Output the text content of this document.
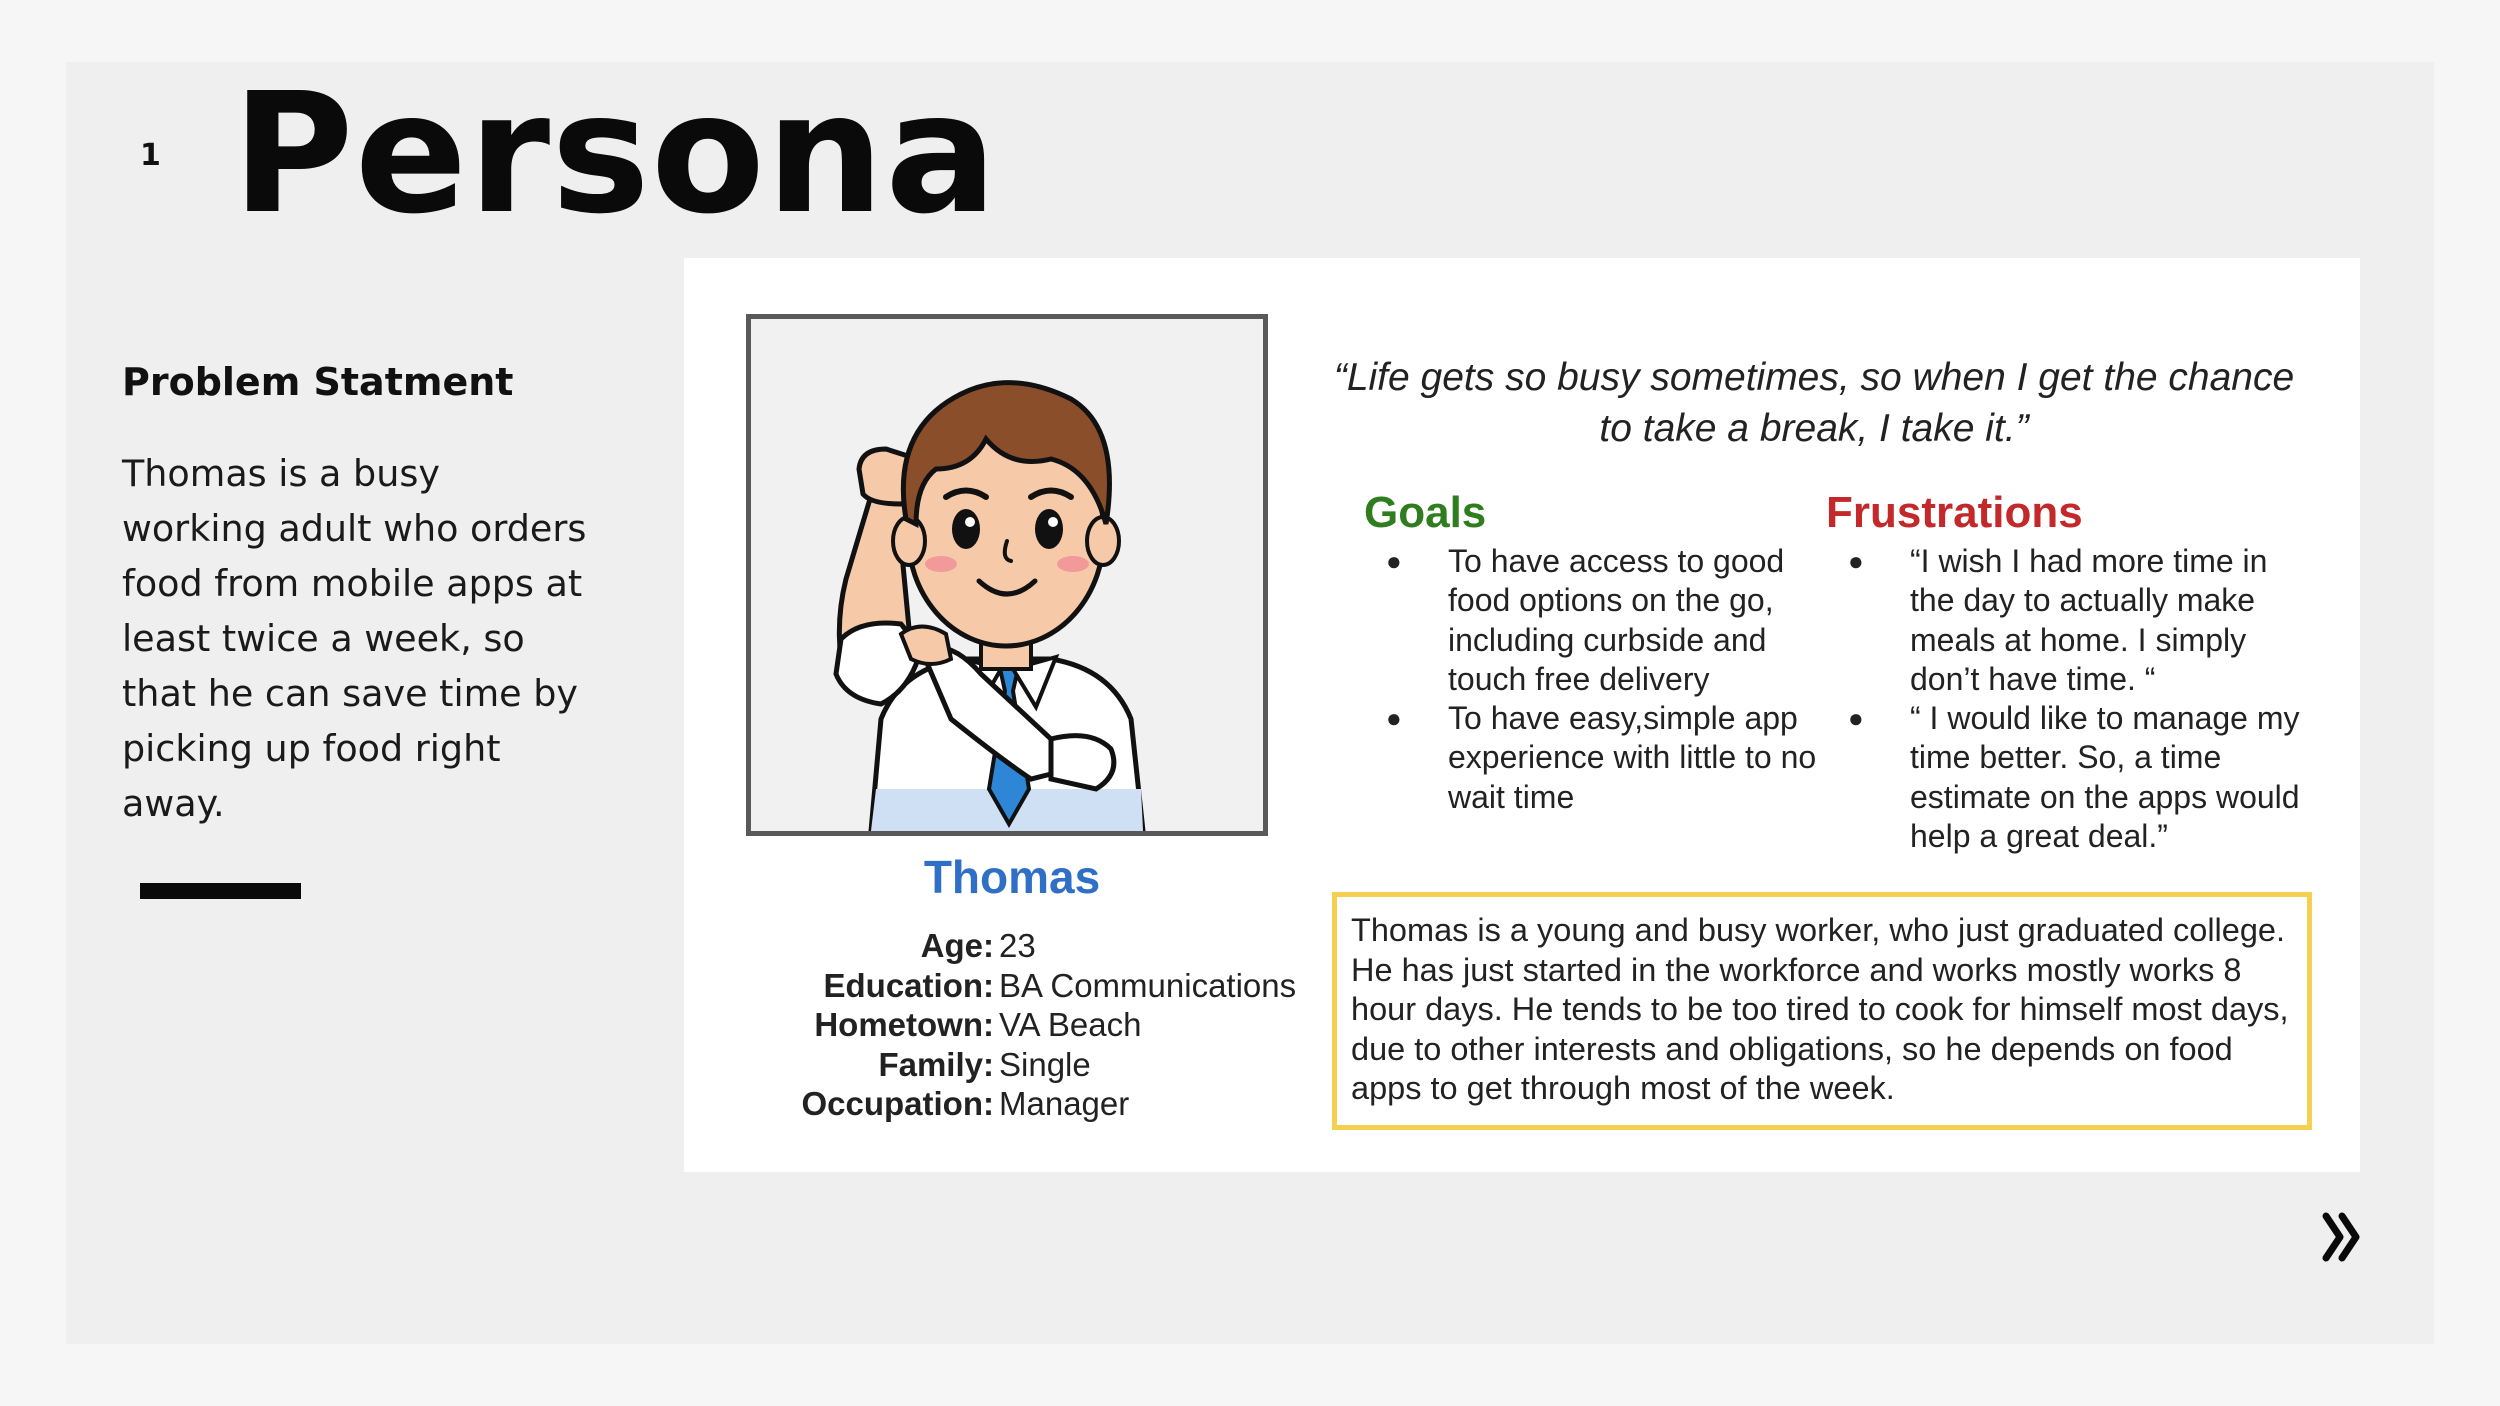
1 Persona
Problem Statment
Thomas is a busy working adult who orders food from mobile apps at least twice a week, so that he can save time by picking up food right away.
Thomas
Age:
Education:
Hometown:
Family:
Occupation:
23
BA Communications
VA Beach
Single
Manager
“Life gets so busy sometimes, so when I get the chance to take a break, I take it.”
Goals
● To have access to good food options on the go, including curbside and touch free delivery
● To have easy,simple app experience with little to no wait time
Frustrations
● “I wish I had more time in the day to actually make meals at home. I simply don’t have time. “
● “ I would like to manage my time better. So, a time estimate on the apps would help a great deal.”
Thomas is a young and busy worker, who just graduated college. He has just started in the workforce and works mostly works 8 hour days. He tends to be too tired to cook for himself most days, due to other interests and obligations, so he depends on food apps to get through most of the week.
